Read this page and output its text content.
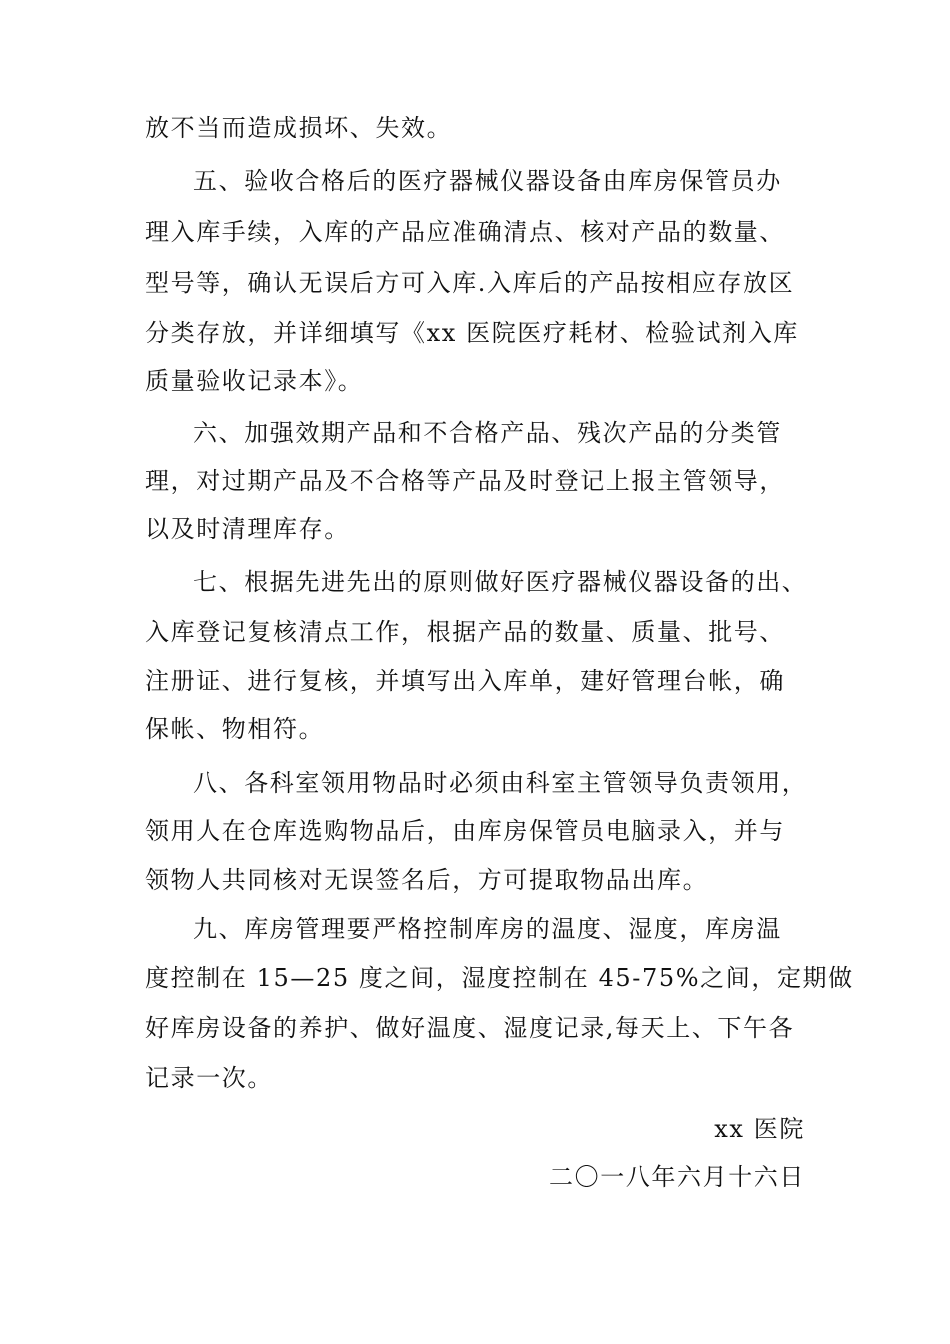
放不当而造成损坏、失效。
五、验收合格后的医疗器械仪器设备由库房保管员办
理入库手续，入库的产品应准确清点、核对产品的数量、
型号等，确认无误后方可入库.入库后的产品按相应存放区
分类存放，并详细填写《xx 医院医疗耗材、检验试剂入库
质量验收记录本》。
六、加强效期产品和不合格产品、残次产品的分类管
理，对过期产品及不合格等产品及时登记上报主管领导，
以及时清理库存。
七、根据先进先出的原则做好医疗器械仪器设备的出、
入库登记复核清点工作，根据产品的数量、质量、批号、
注册证、进行复核，并填写出入库单，建好管理台帐，确
保帐、物相符。
八、各科室领用物品时必须由科室主管领导负责领用，
领用人在仓库选购物品后，由库房保管员电脑录入，并与
领物人共同核对无误签名后，方可提取物品出库。
九、库房管理要严格控制库房的温度、湿度，库房温
度控制在 15—25 度之间，湿度控制在 45-75%之间，定期做
好库房设备的养护、做好温度、湿度记录,每天上、下午各
记录一次。
xx 医院
二〇一八年六月十六日
